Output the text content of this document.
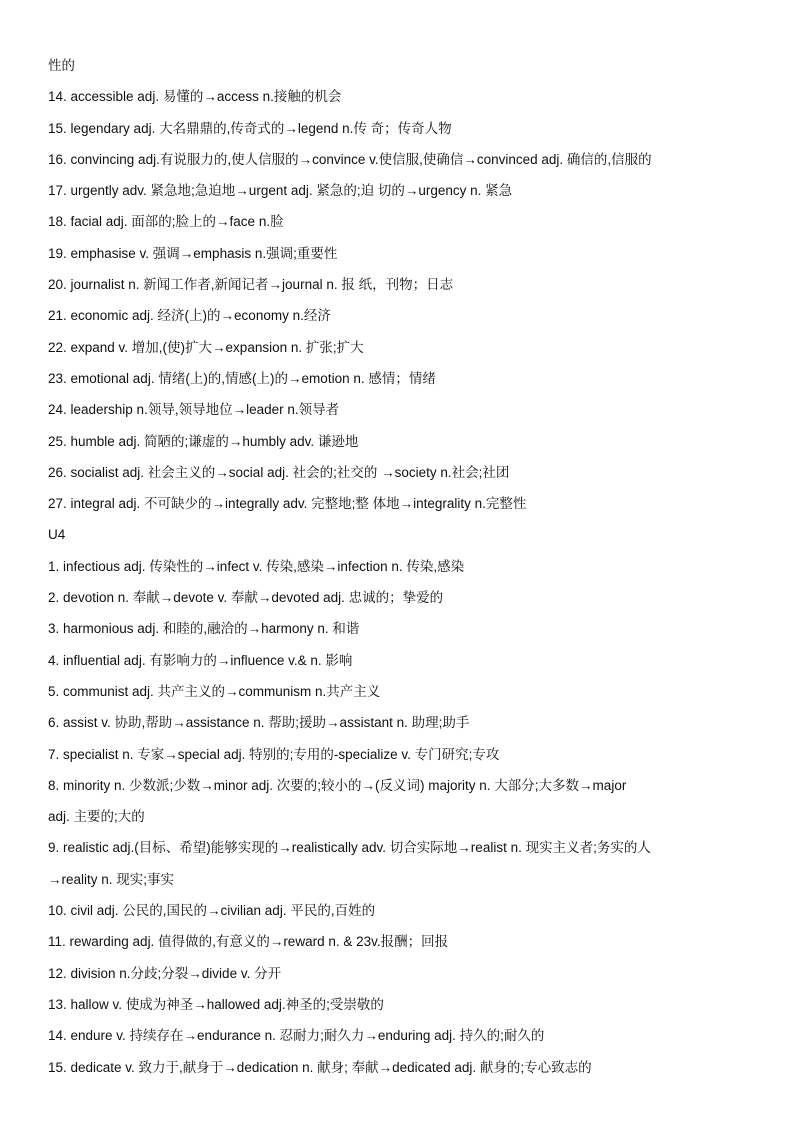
性的
14. accessible adj. 易懂的→access n.接触的机会
15. legendary adj. 大名鼎鼎的,传奇式的→legend n.传 奇；传奇人物
16. convincing adj.有说服力的,使人信服的→convince v.使信服,使确信→convinced adj. 确信的,信服的
17. urgently adv. 紧急地;急迫地→urgent adj. 紧急的;迫 切的→urgency n. 紧急
18. facial adj. 面部的;脸上的→face n.脸
19. emphasise v. 强调→emphasis n.强调;重要性
20. journalist n. 新闻工作者,新闻记者→journal n. 报 纸，刊物；日志
21. economic adj. 经济(上)的→economy n.经济
22. expand v. 增加,(使)扩大→expansion n. 扩张;扩大
23. emotional adj. 情绪(上)的,情感(上)的→emotion n. 感情；情绪
24. leadership n.领导,领导地位→leader n.领导者
25. humble adj. 简陋的;谦虚的→humbly adv. 谦逊地
26. socialist adj. 社会主义的→social adj. 社会的;社交的 →society n.社会;社团
27. integral adj. 不可缺少的→integrally adv. 完整地;整 体地→integrality n.完整性
U4
1. infectious adj. 传染性的→infect v. 传染,感染→infection n. 传染,感染
2. devotion n. 奉献→devote v. 奉献→devoted adj. 忠诚的；挚爱的
3. harmonious adj. 和睦的,融洽的→harmony n. 和谐
4. influential adj. 有影响力的→influence v.& n. 影响
5. communist adj. 共产主义的→communism n.共产主义
6. assist v. 协助,帮助→assistance n. 帮助;援助→assistant n. 助理;助手
7. specialist n. 专家→special adj. 特别的;专用的-specialize v. 专门研究;专攻
8. minority n. 少数派;少数→minor adj. 次要的;较小的→(反义词) majority n. 大部分;大多数→major
adj. 主要的;大的
9. realistic adj.(目标、希望)能够实现的→realistically adv. 切合实际地→realist n. 现实主义者;务实的人
→reality n. 现实;事实
10. civil adj. 公民的,国民的→civilian adj. 平民的,百姓的
11. rewarding adj. 值得做的,有意义的→reward n. & 23v.报酬；回报
12. division n.分歧;分裂→divide v. 分开
13. hallow v. 使成为神圣→hallowed adj.神圣的;受崇敬的
14. endure v. 持续存在→endurance n. 忍耐力;耐久力→enduring adj. 持久的;耐久的
15. dedicate v. 致力于,献身于→dedication n. 献身; 奉献→dedicated adj. 献身的;专心致志的
